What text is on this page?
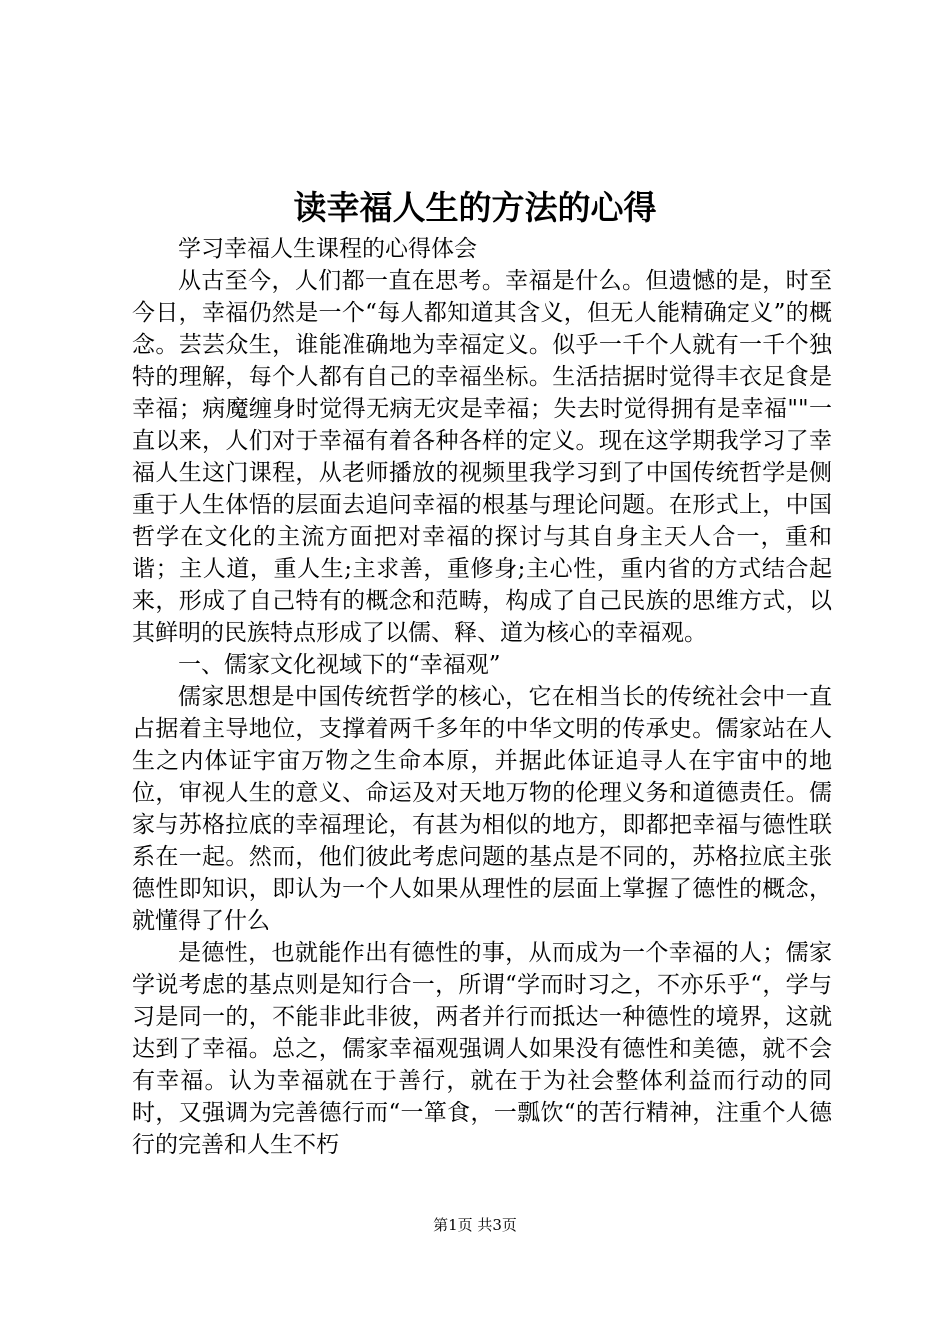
读幸福人生的方法的心得

学习幸福人生课程的心得体会

从古至今，人们都一直在思考。幸福是什么。但遗憾的是，时至今日，幸福仍然是一个“每人都知道其含义，但无人能精确定义”的概念。芸芸众生，谁能准确地为幸福定义。似乎一千个人就有一千个独特的理解，每个人都有自己的幸福坐标。生活拮据时觉得丰衣足食是幸福；病魔缠身时觉得无病无灾是幸福；失去时觉得拥有是幸福""一直以来，人们对于幸福有着各种各样的定义。现在这学期我学习了幸福人生这门课程，从老师播放的视频里我学习到了中国传统哲学是侧重于人生体悟的层面去追问幸福的根基与理论问题。在形式上，中国哲学在文化的主流方面把对幸福的探讨与其自身主天人合一，重和谐；主人道，重人生;主求善，重修身;主心性，重内省的方式结合起来，形成了自己特有的概念和范畴，构成了自己民族的思维方式，以其鲜明的民族特点形成了以儒、释、道为核心的幸福观。

一、儒家文化视域下的“幸福观”

儒家思想是中国传统哲学的核心，它在相当长的传统社会中一直占据着主导地位，支撑着两千多年的中华文明的传承史。儒家站在人生之内体证宇宙万物之生命本原，并据此体证追寻人在宇宙中的地位，审视人生的意义、命运及对天地万物的伦理义务和道德责任。儒家与苏格拉底的幸福理论，有甚为相似的地方，即都把幸福与德性联系在一起。然而，他们彼此考虑问题的基点是不同的，苏格拉底主张德性即知识，即认为一个人如果从理性的层面上掌握了德性的概念，就懂得了什么

是德性，也就能作出有德性的事，从而成为一个幸福的人；儒家学说考虑的基点则是知行合一，所谓“学而时习之，不亦乐乎“，学与习是同一的，不能非此非彼，两者并行而抵达一种德性的境界，这就达到了幸福。总之，儒家幸福观强调人如果没有德性和美德，就不会有幸福。认为幸福就在于善行，就在于为社会整体利益而行动的同时，又强调为完善德行而“一箪食，一瓢饮“的苦行精神，注重个人德行的完善和人生不朽

第1页 共3页
